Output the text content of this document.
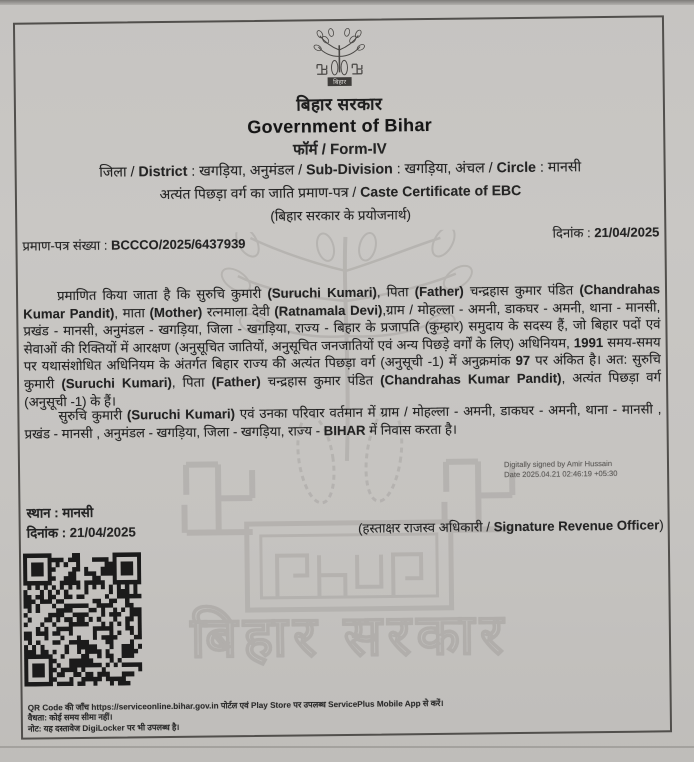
बिहार सरकार
बिहार
बिहार सरकार
Government of Bihar
फॉर्म / Form-IV
जिला / District : खगड़िया, अनुमंडल / Sub-Division : खगड़िया, अंचल / Circle : मानसी
अत्यंत पिछड़ा वर्ग का जाति प्रमाण-पत्र / Caste Certificate of EBC
(बिहार सरकार के प्रयोजनार्थ)
प्रमाण-पत्र संख्या : BCCCO/2025/6437939
दिनांक : 21/04/2025
प्रमाणित किया जाता है कि सुरुचि कुमारी (Suruchi Kumari), पिता (Father) चन्द्रहास कुमार पंडित (Chandrahas Kumar Pandit), माता (Mother) रत्नमाला देवी (Ratnamala Devi),ग्राम / मोहल्ला - अमनी, डाकघर - अमनी, थाना - मानसी, प्रखंड - मानसी, अनुमंडल - खगड़िया, जिला - खगड़िया, राज्य - बिहार के प्रजापति (कुम्हार) समुदाय के सदस्य हैं, जो बिहार पदों एवं सेवाओं की रिक्तियों में आरक्षण (अनुसूचित जातियों, अनुसूचित जनजातियों एवं अन्य पिछड़े वर्गों के लिए) अधिनियम, 1991 समय-समय पर यथासंशोधित अधिनियम के अंतर्गत बिहार राज्य की अत्यंत पिछड़ा वर्ग (अनुसूची -1) में अनुक्रमांक 97 पर अंकित है। अत: सुरुचि कुमारी (Suruchi Kumari), पिता (Father) चन्द्रहास कुमार पंडित (Chandrahas Kumar Pandit), अत्यंत पिछड़ा वर्ग (अनुसूची -1) के हैं।
सुरुचि कुमारी (Suruchi Kumari) एवं उनका परिवार वर्तमान में ग्राम / मोहल्ला - अमनी, डाकघर - अमनी, थाना - मानसी , प्रखंड - मानसी , अनुमंडल - खगड़िया, जिला - खगड़िया, राज्य - BIHAR में निवास करता है।
Digitally signed by Amir Hussain
Date 2025.04.21 02:46:19 +05:30
स्थान : मानसी
दिनांक : 21/04/2025	(हस्ताक्षर राजस्व अधिकारी / Signature Revenue Officer)
QR Code की जाँच https://serviceonline.bihar.gov.in पोर्टल एवं Play Store पर उपलब्ध ServicePlus Mobile App से करें।
वैधता: कोई समय सीमा नहीं।
नोट: यह दस्तावेज DigiLocker पर भी उपलब्ध है।
